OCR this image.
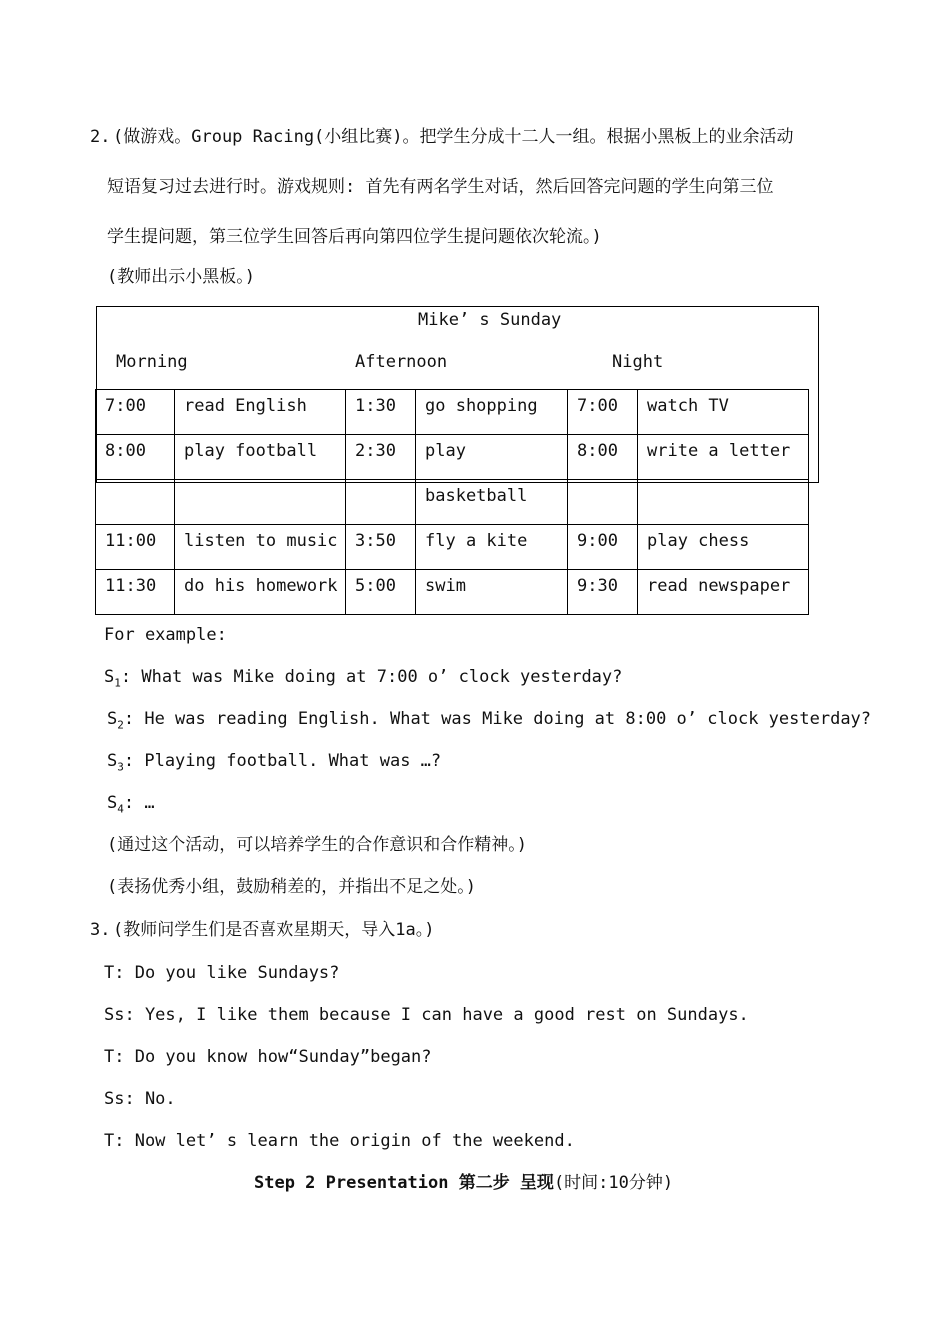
2. (做游戏。Group Racing(小组比赛)。把学生分成十二人一组。根据小黑板上的业余活动
短语复习过去进行时。游戏规则: 首先有两名学生对话，然后回答完问题的学生向第三位
学生提问题，第三位学生回答后再向第四位学生提问题依次轮流。)
(教师出示小黑板。)
Mike’ s Sunday
Morning	Afternoon	Night
7:00	read English	1:30	go shopping	7:00	watch TV
8:00	play football	2:30	play	8:00	write a letter
			basketball		
11:00	listen to music	3:50	fly a kite	9:00	play chess
11:30	do his homework	5:00	swim	9:30	read newspaper
For example:
$S_1$: What was Mike doing at 7:00 o’ clock yesterday?
$S_2$: He was reading English. What was Mike doing at 8:00 o’ clock yesterday?
$S_3$: Playing football. What was …?
$S_4$: …
(通过这个活动，可以培养学生的合作意识和合作精神。)
(表扬优秀小组，鼓励稍差的，并指出不足之处。)
3. (教师问学生们是否喜欢星期天，导入1a。)
T: Do you like Sundays?
Ss: Yes, I like them because I can have a good rest on Sundays.
T: Do you know how“Sunday”began?
Ss: No.
T: Now let’ s learn the origin of the weekend.
Step 2 Presentation 第二步 呈现(时间:10分钟)
